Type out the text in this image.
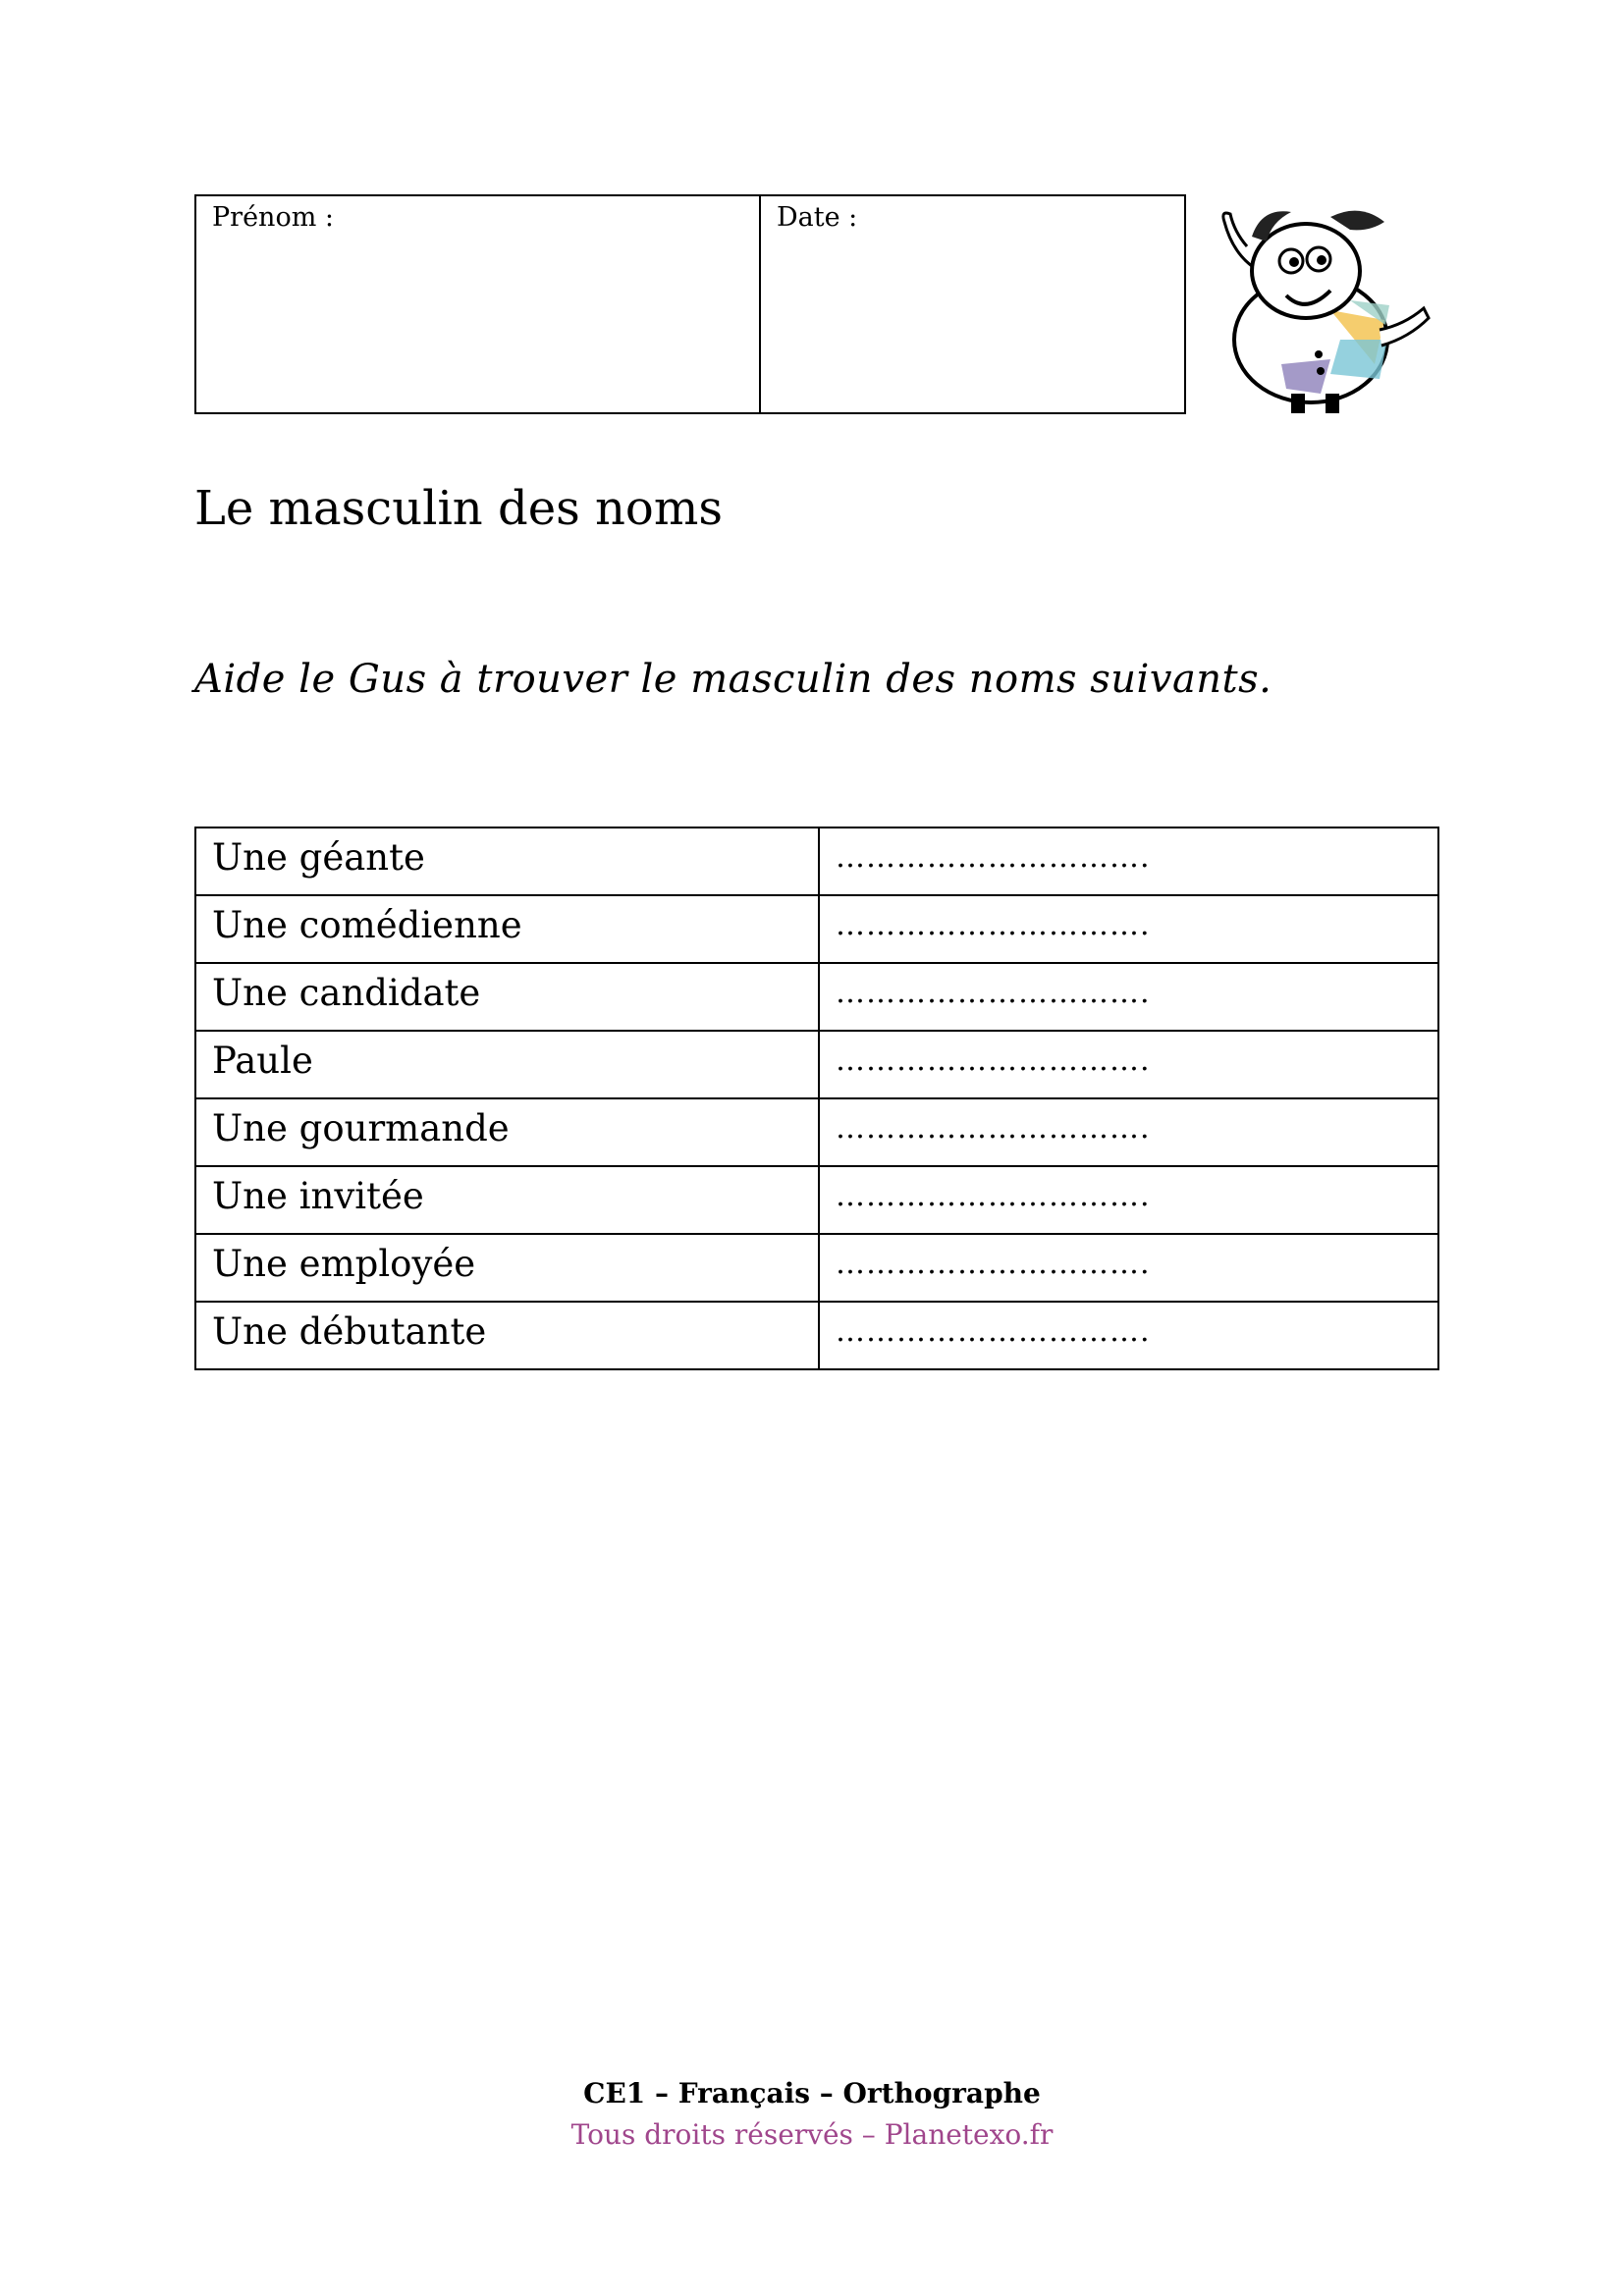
Prénom :	Date :
Le masculin des noms
Aide le Gus à trouver le masculin des noms suivants.
Une géante	………………………….
Une comédienne	………………………….
Une candidate	………………………….
Paule	………………………….
Une gourmande	………………………….
Une invitée	………………………….
Une employée	………………………….
Une débutante	………………………….
CE1 – Français – Orthographe
Tous droits réservés – Planetexo.fr
